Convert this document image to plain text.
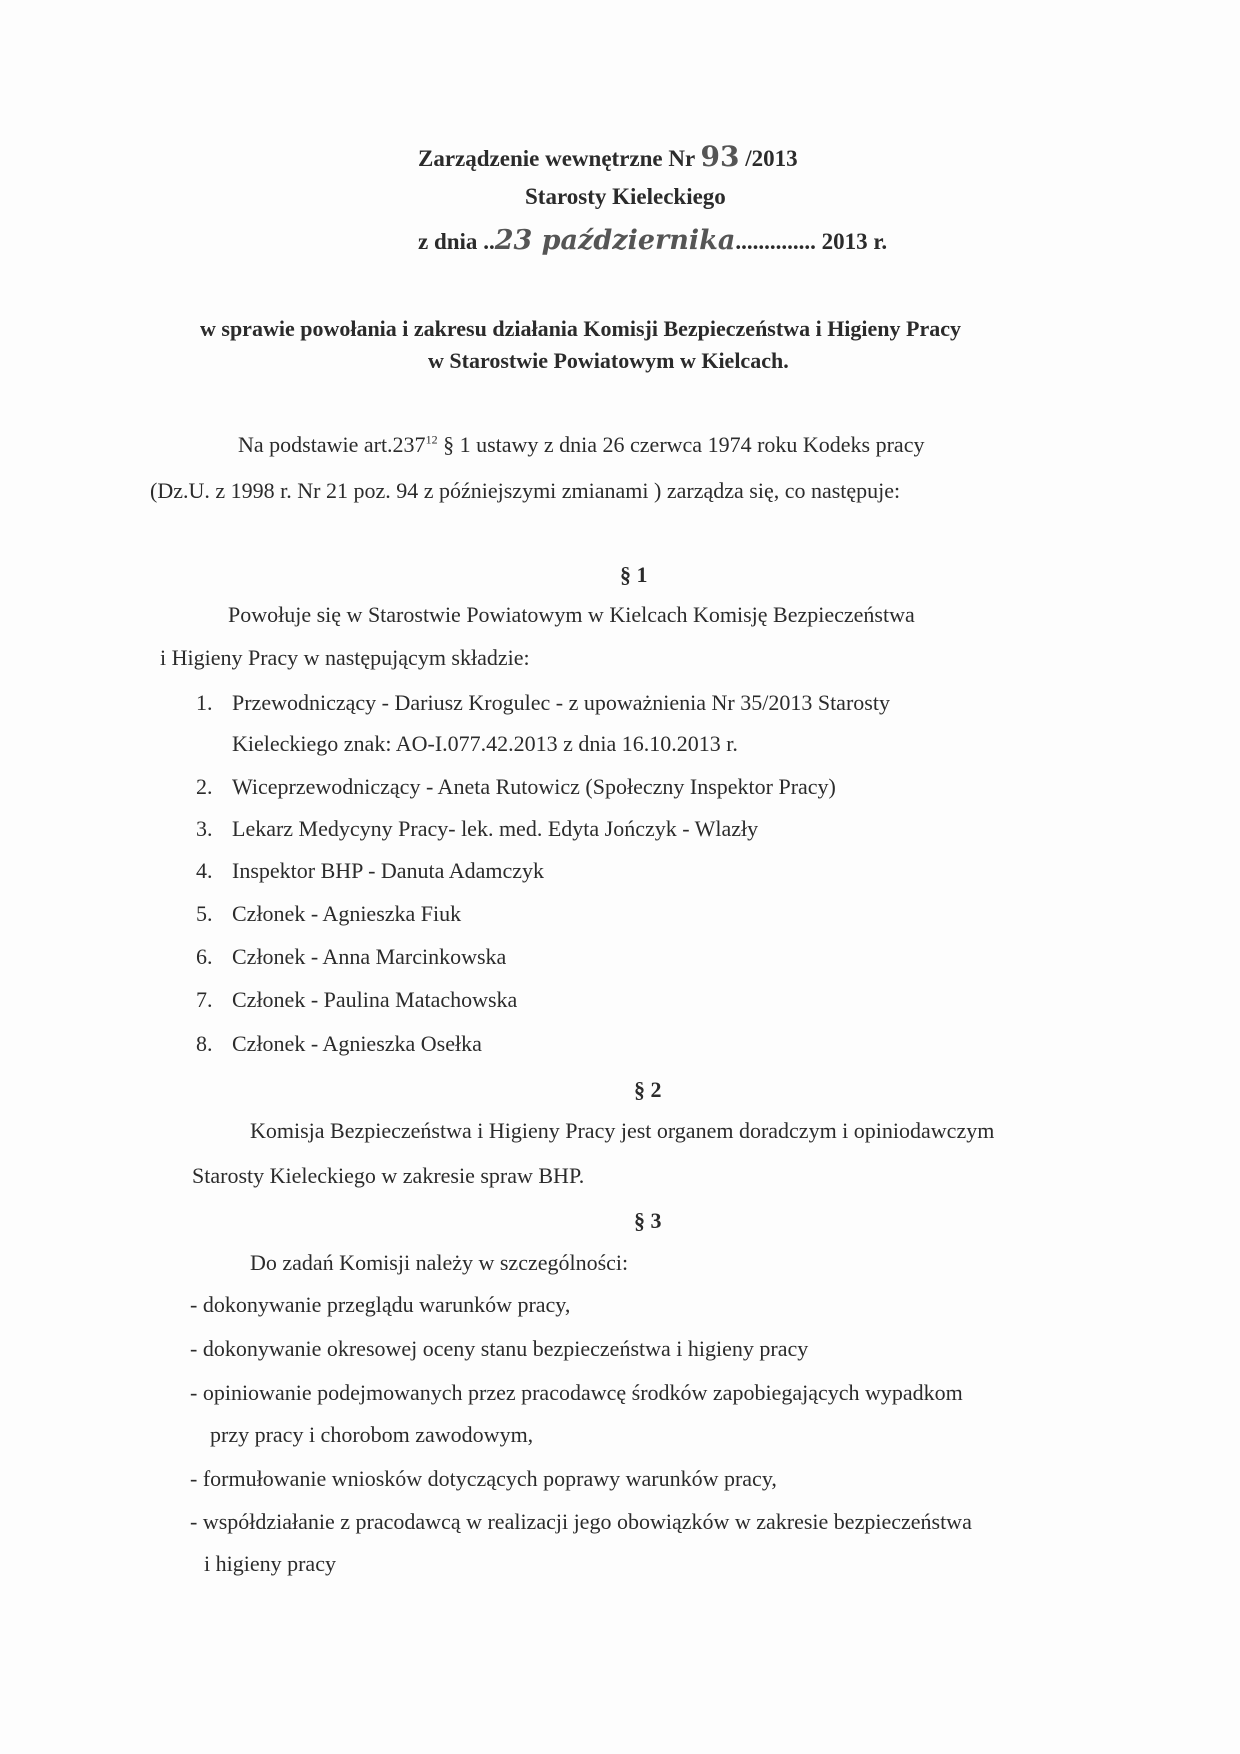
Zarządzenie wewnętrzne Nr 93 /2013
Starosty Kieleckiego
z dnia ..23 października.............. 2013 r.
w sprawie powołania i zakresu działania Komisji Bezpieczeństwa i Higieny Pracy
w Starostwie Powiatowym w Kielcach.
Na podstawie art.237$^{12}$ § 1 ustawy z dnia 26 czerwca 1974 roku Kodeks pracy
(Dz.U. z 1998 r. Nr 21 poz. 94 z późniejszymi zmianami ) zarządza się, co następuje:
§ 1
Powołuje się w Starostwie Powiatowym w Kielcach Komisję Bezpieczeństwa
i Higieny Pracy w następującym składzie:
1. Przewodniczący - Dariusz Krogulec - z upoważnienia Nr 35/2013 Starosty
Kieleckiego znak: AO-I.077.42.2013 z dnia 16.10.2013 r.
2. Wiceprzewodniczący - Aneta Rutowicz (Społeczny Inspektor Pracy)
3. Lekarz Medycyny Pracy- lek. med. Edyta Jończyk - Wlazły
4. Inspektor BHP - Danuta Adamczyk
5. Członek - Agnieszka Fiuk
6. Członek - Anna Marcinkowska
7. Członek - Paulina Matachowska
8. Członek - Agnieszka Osełka
§ 2
Komisja Bezpieczeństwa i Higieny Pracy jest organem doradczym i opiniodawczym
Starosty Kieleckiego w zakresie spraw BHP.
§ 3
Do zadań Komisji należy w szczególności:
- dokonywanie przeglądu warunków pracy,
- dokonywanie okresowej oceny stanu bezpieczeństwa i higieny pracy
- opiniowanie podejmowanych przez pracodawcę środków zapobiegających wypadkom
przy pracy i chorobom zawodowym,
- formułowanie wniosków dotyczących poprawy warunków pracy,
- współdziałanie z pracodawcą w realizacji jego obowiązków w zakresie bezpieczeństwa
i higieny pracy
